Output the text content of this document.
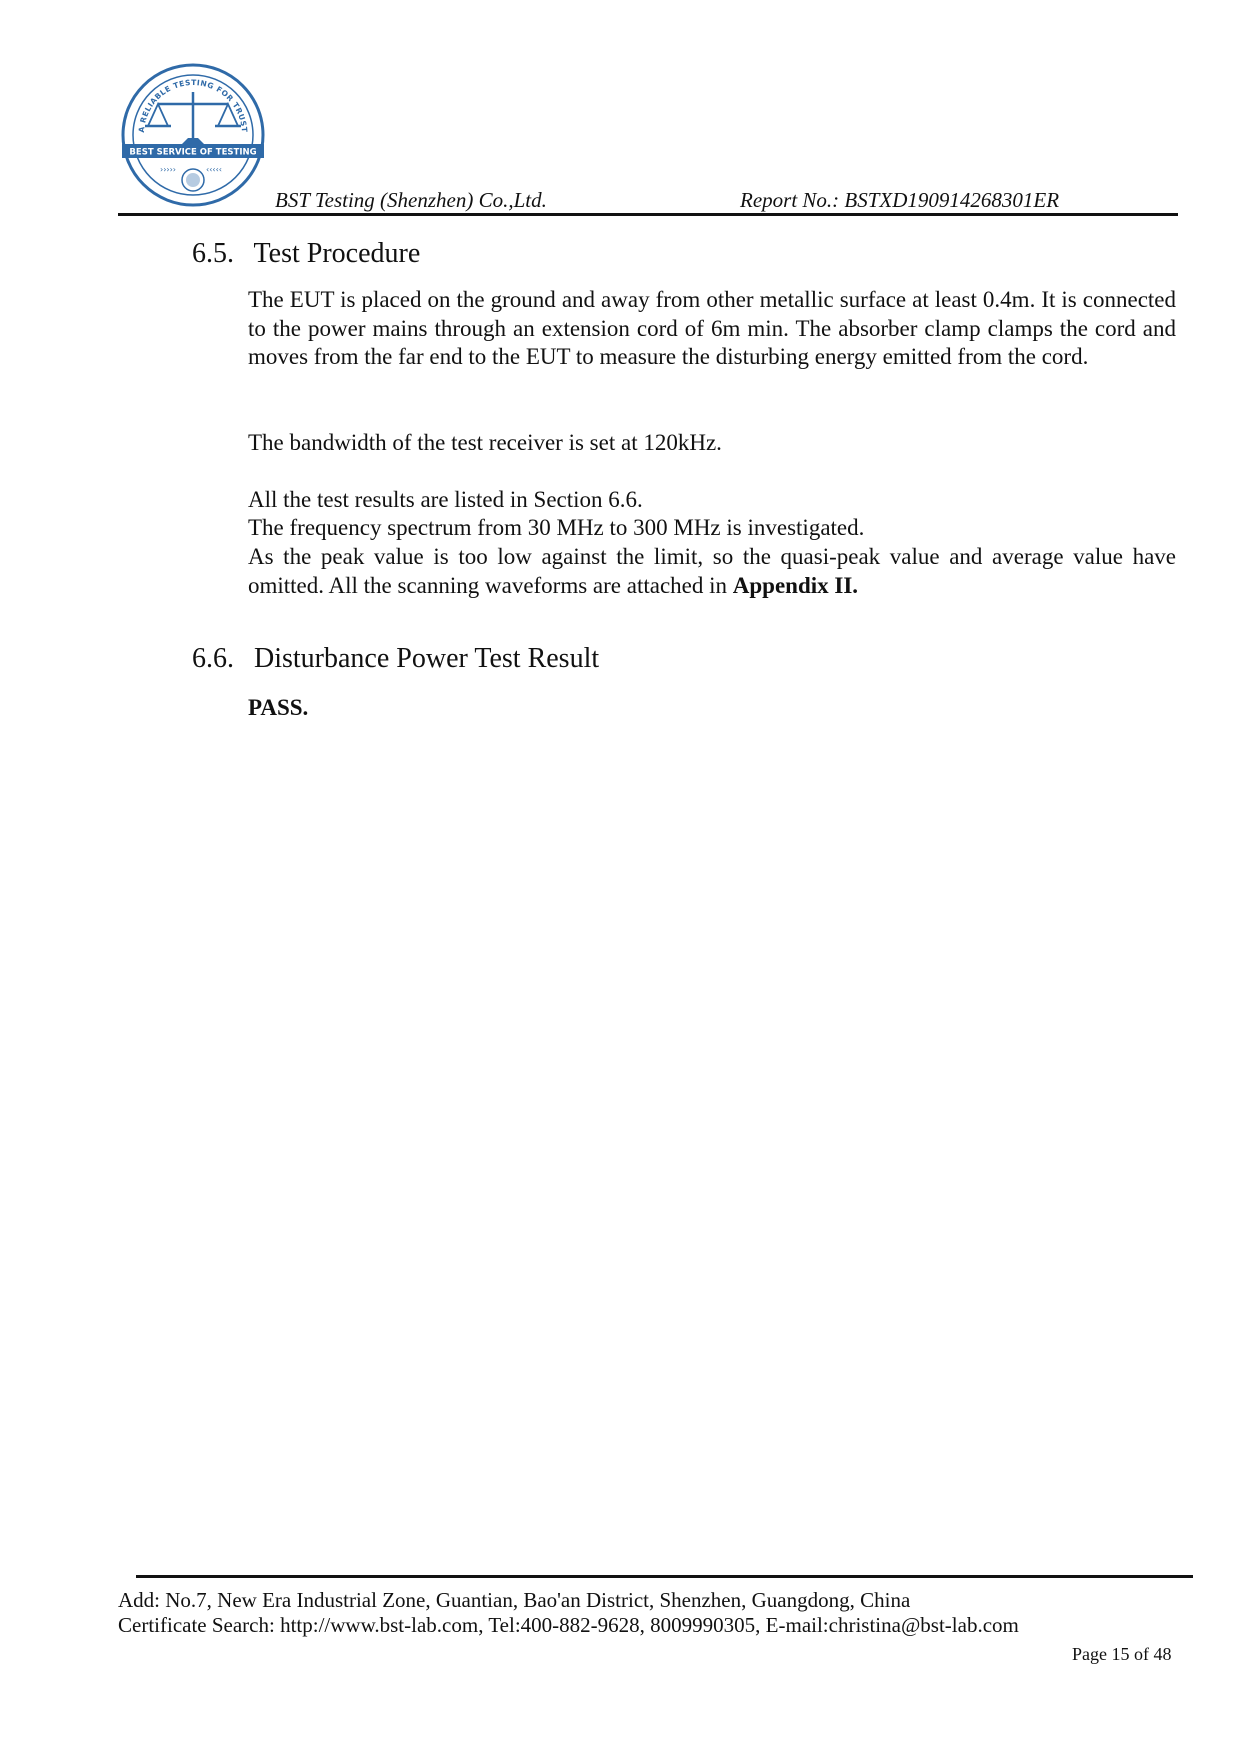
A RELIABLE TESTING FOR TRUST
BEST SERVICE OF TESTING
›››››	‹‹‹‹‹
BST Testing (Shenzhen) Co.,Ltd.	Report No.: BSTXD190914268301ER
6.5. Test Procedure
The EUT is placed on the ground and away from other metallic surface at least 0.4m. It is connected to the power mains through an extension cord of 6m min. The absorber clamp clamps the cord and moves from the far end to the EUT to measure the disturbing energy emitted from the cord.
The bandwidth of the test receiver is set at 120kHz.
All the test results are listed in Section 6.6.
The frequency spectrum from 30 MHz to 300 MHz is investigated.
As the peak value is too low against the limit, so the quasi-peak value and average value have omitted. All the scanning waveforms are attached in Appendix II.
6.6. Disturbance Power Test Result
PASS.
Add: No.7, New Era Industrial Zone, Guantian, Bao'an District, Shenzhen, Guangdong, China
Certificate Search: http://www.bst-lab.com, Tel:400-882-9628, 8009990305, E-mail:christina@bst-lab.com
Page 15 of 48
